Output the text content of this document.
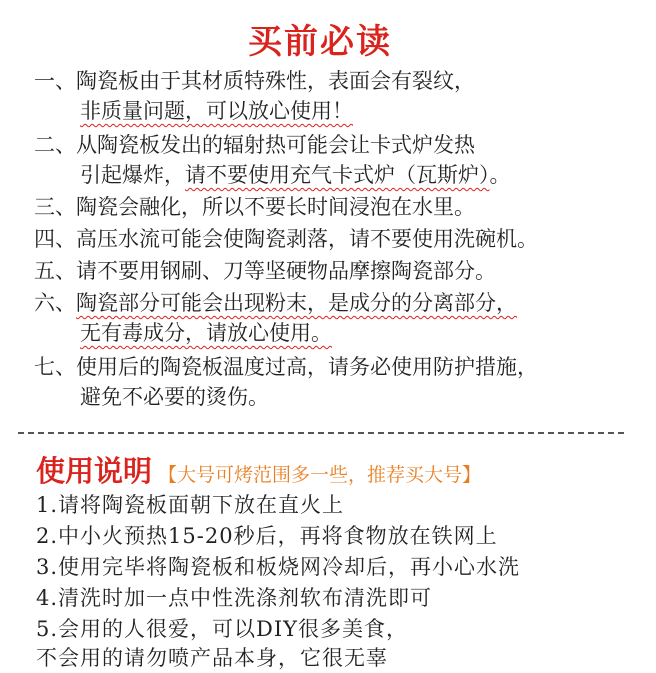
买前必读
一、陶瓷板由于其材质特殊性，表面会有裂纹，
非质量问题，可以放心使用！
二、从陶瓷板发出的辐射热可能会让卡式炉发热
引起爆炸，请不要使用充气卡式炉（瓦斯炉）。
三、陶瓷会融化，所以不要长时间浸泡在水里。
四、高压水流可能会使陶瓷剥落，请不要使用洗碗机。
五、请不要用钢刷、刀等坚硬物品摩擦陶瓷部分。
六、陶瓷部分可能会出现粉末，是成分的分离部分，
无有毒成分，请放心使用。
七、使用后的陶瓷板温度过高，请务必使用防护措施，
避免不必要的烫伤。
使用说明 【大号可烤范围多一些，推荐买大号】
1.请将陶瓷板面朝下放在直火上
2.中小火预热15-20秒后，再将食物放在铁网上
3.使用完毕将陶瓷板和板烧网冷却后，再小心水洗
4.清洗时加一点中性洗涤剂软布清洗即可
5.会用的人很爱，可以DIY很多美食，
不会用的请勿喷产品本身，它很无辜
